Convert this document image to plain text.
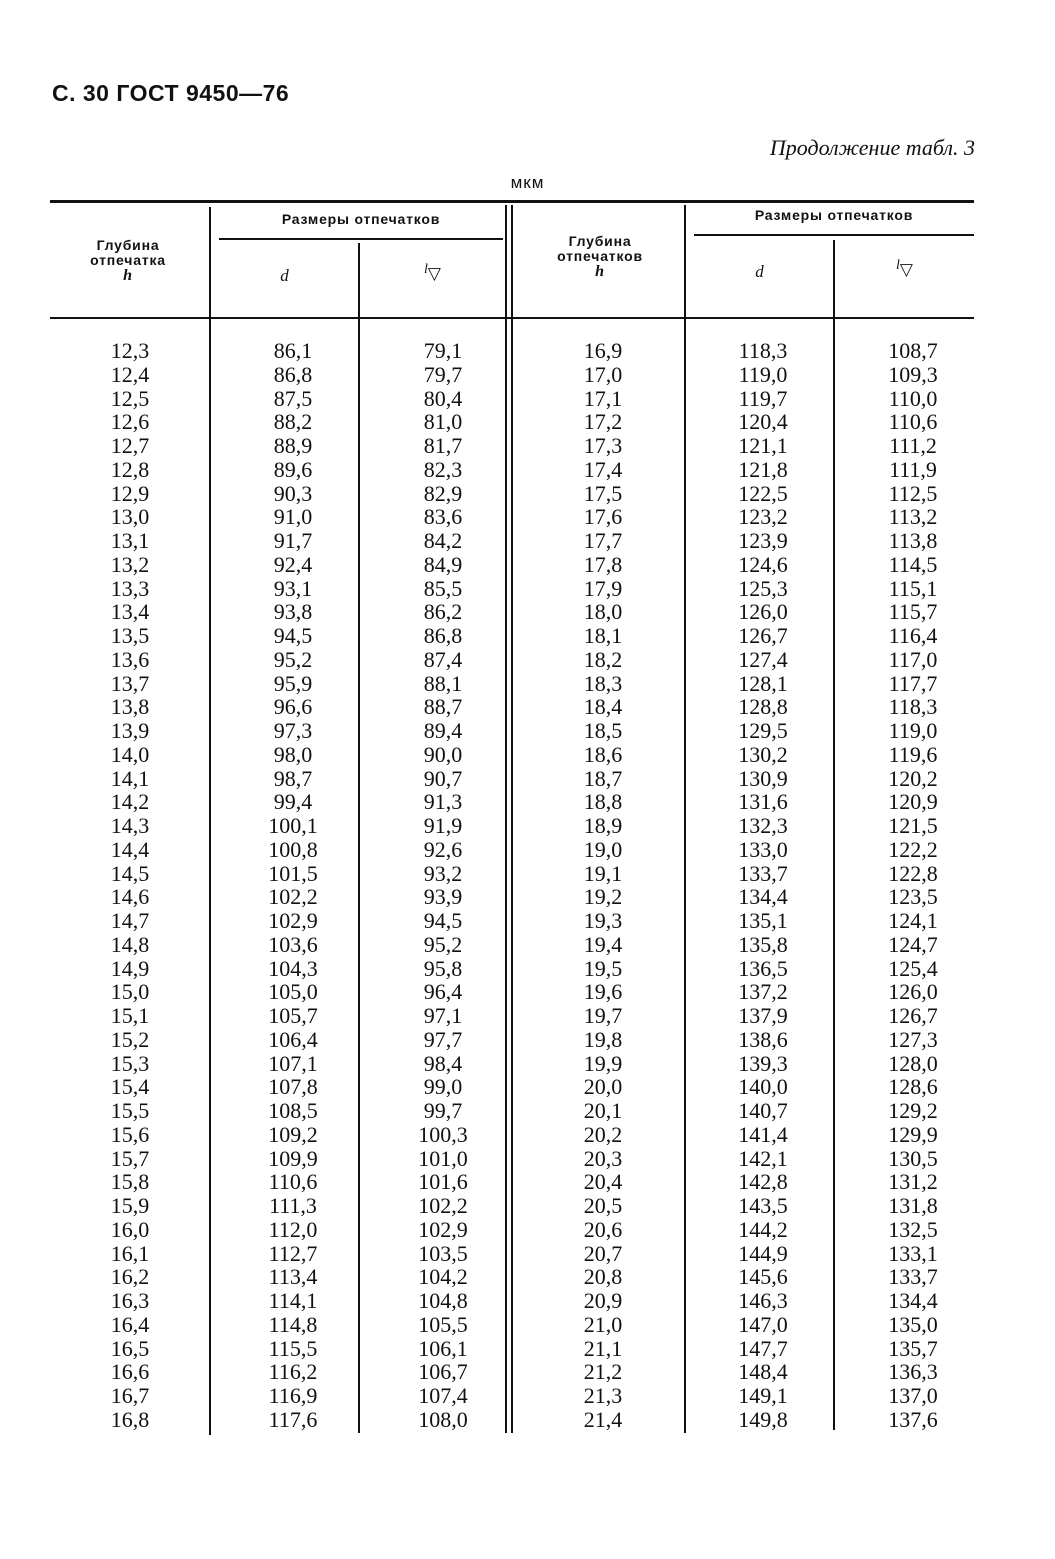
С. 30 ГОСТ 9450—76
Продолжение табл. 3
мкм
Глубина
отпечатка
h
Размеры отпечатков
d	$^l$▽
Глубина
отпечатков
h
Размеры отпечатков
d	$^l$▽
12,3
12,4
12,5
12,6
12,7
12,8
12,9
13,0
13,1
13,2
13,3
13,4
13,5
13,6
13,7
13,8
13,9
14,0
14,1
14,2
14,3
14,4
14,5
14,6
14,7
14,8
14,9
15,0
15,1
15,2
15,3
15,4
15,5
15,6
15,7
15,8
15,9
16,0
16,1
16,2
16,3
16,4
16,5
16,6
16,7
16,8
86,1
86,8
87,5
88,2
88,9
89,6
90,3
91,0
91,7
92,4
93,1
93,8
94,5
95,2
95,9
96,6
97,3
98,0
98,7
99,4
100,1
100,8
101,5
102,2
102,9
103,6
104,3
105,0
105,7
106,4
107,1
107,8
108,5
109,2
109,9
110,6
111,3
112,0
112,7
113,4
114,1
114,8
115,5
116,2
116,9
117,6
79,1
79,7
80,4
81,0
81,7
82,3
82,9
83,6
84,2
84,9
85,5
86,2
86,8
87,4
88,1
88,7
89,4
90,0
90,7
91,3
91,9
92,6
93,2
93,9
94,5
95,2
95,8
96,4
97,1
97,7
98,4
99,0
99,7
100,3
101,0
101,6
102,2
102,9
103,5
104,2
104,8
105,5
106,1
106,7
107,4
108,0
16,9
17,0
17,1
17,2
17,3
17,4
17,5
17,6
17,7
17,8
17,9
18,0
18,1
18,2
18,3
18,4
18,5
18,6
18,7
18,8
18,9
19,0
19,1
19,2
19,3
19,4
19,5
19,6
19,7
19,8
19,9
20,0
20,1
20,2
20,3
20,4
20,5
20,6
20,7
20,8
20,9
21,0
21,1
21,2
21,3
21,4
118,3
119,0
119,7
120,4
121,1
121,8
122,5
123,2
123,9
124,6
125,3
126,0
126,7
127,4
128,1
128,8
129,5
130,2
130,9
131,6
132,3
133,0
133,7
134,4
135,1
135,8
136,5
137,2
137,9
138,6
139,3
140,0
140,7
141,4
142,1
142,8
143,5
144,2
144,9
145,6
146,3
147,0
147,7
148,4
149,1
149,8
108,7
109,3
110,0
110,6
111,2
111,9
112,5
113,2
113,8
114,5
115,1
115,7
116,4
117,0
117,7
118,3
119,0
119,6
120,2
120,9
121,5
122,2
122,8
123,5
124,1
124,7
125,4
126,0
126,7
127,3
128,0
128,6
129,2
129,9
130,5
131,2
131,8
132,5
133,1
133,7
134,4
135,0
135,7
136,3
137,0
137,6
